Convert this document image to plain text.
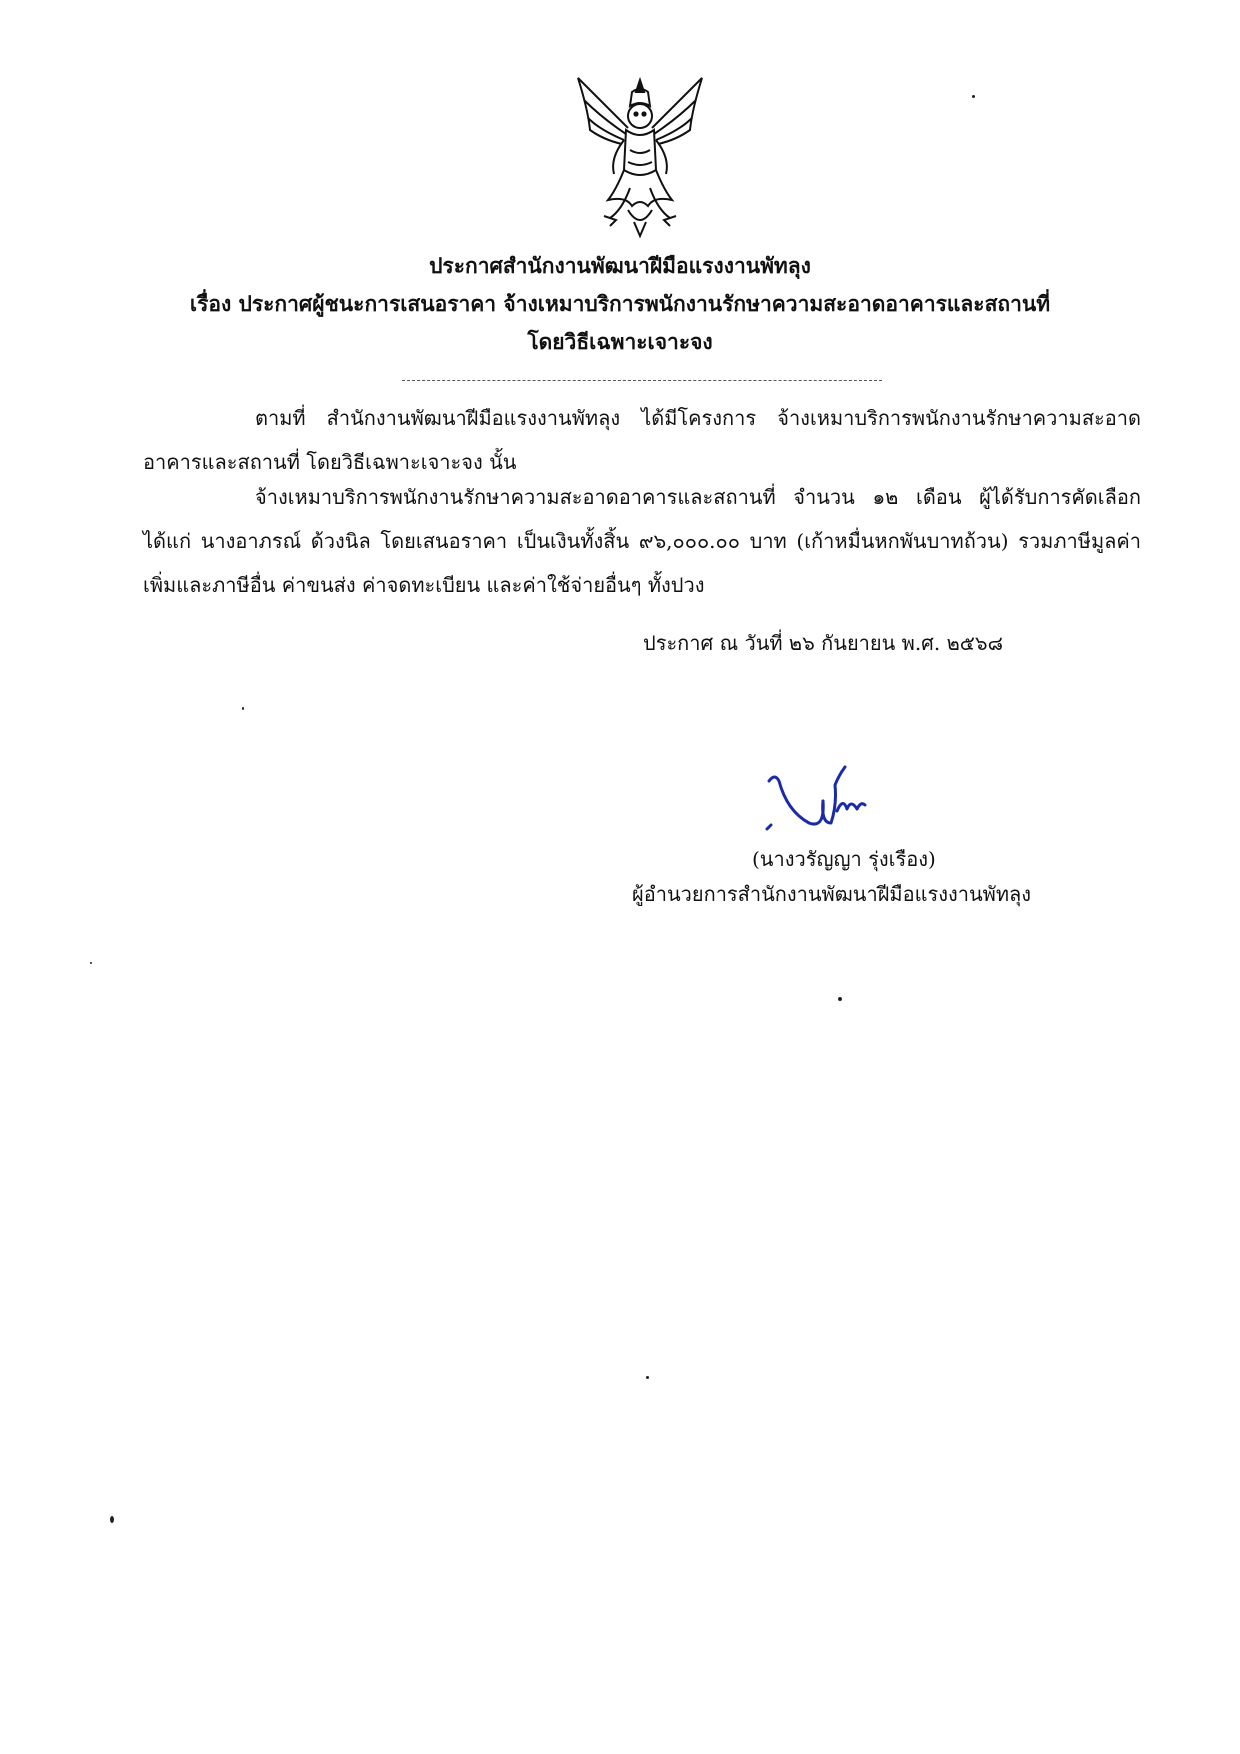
ประกาศสำนักงานพัฒนาฝีมือแรงงานพัทลุง
เรื่อง ประกาศผู้ชนะการเสนอราคา จ้างเหมาบริการพนักงานรักษาความสะอาดอาคารและสถานที่
โดยวิธีเฉพาะเจาะจง

ตามที่ สำนักงานพัฒนาฝีมือแรงงานพัทลุง ได้มีโครงการ จ้างเหมาบริการพนักงานรักษาความสะอาดอาคารและสถานที่ โดยวิธีเฉพาะเจาะจง นั้น

จ้างเหมาบริการพนักงานรักษาความสะอาดอาคารและสถานที่ จำนวน ๑๒ เดือน ผู้ได้รับการคัดเลือก ได้แก่ นางอาภรณ์ ด้วงนิล โดยเสนอราคา เป็นเงินทั้งสิ้น ๙๖,๐๐๐.๐๐ บาท (เก้าหมื่นหกพันบาทถ้วน) รวมภาษีมูลค่าเพิ่มและภาษีอื่น ค่าขนส่ง ค่าจดทะเบียน และค่าใช้จ่ายอื่นๆ ทั้งปวง

ประกาศ ณ วันที่ ๒๖ กันยายน พ.ศ. ๒๕๖๘
(นางวรัญญา รุ่งเรือง)
ผู้อำนวยการสำนักงานพัฒนาฝีมือแรงงานพัทลุง
